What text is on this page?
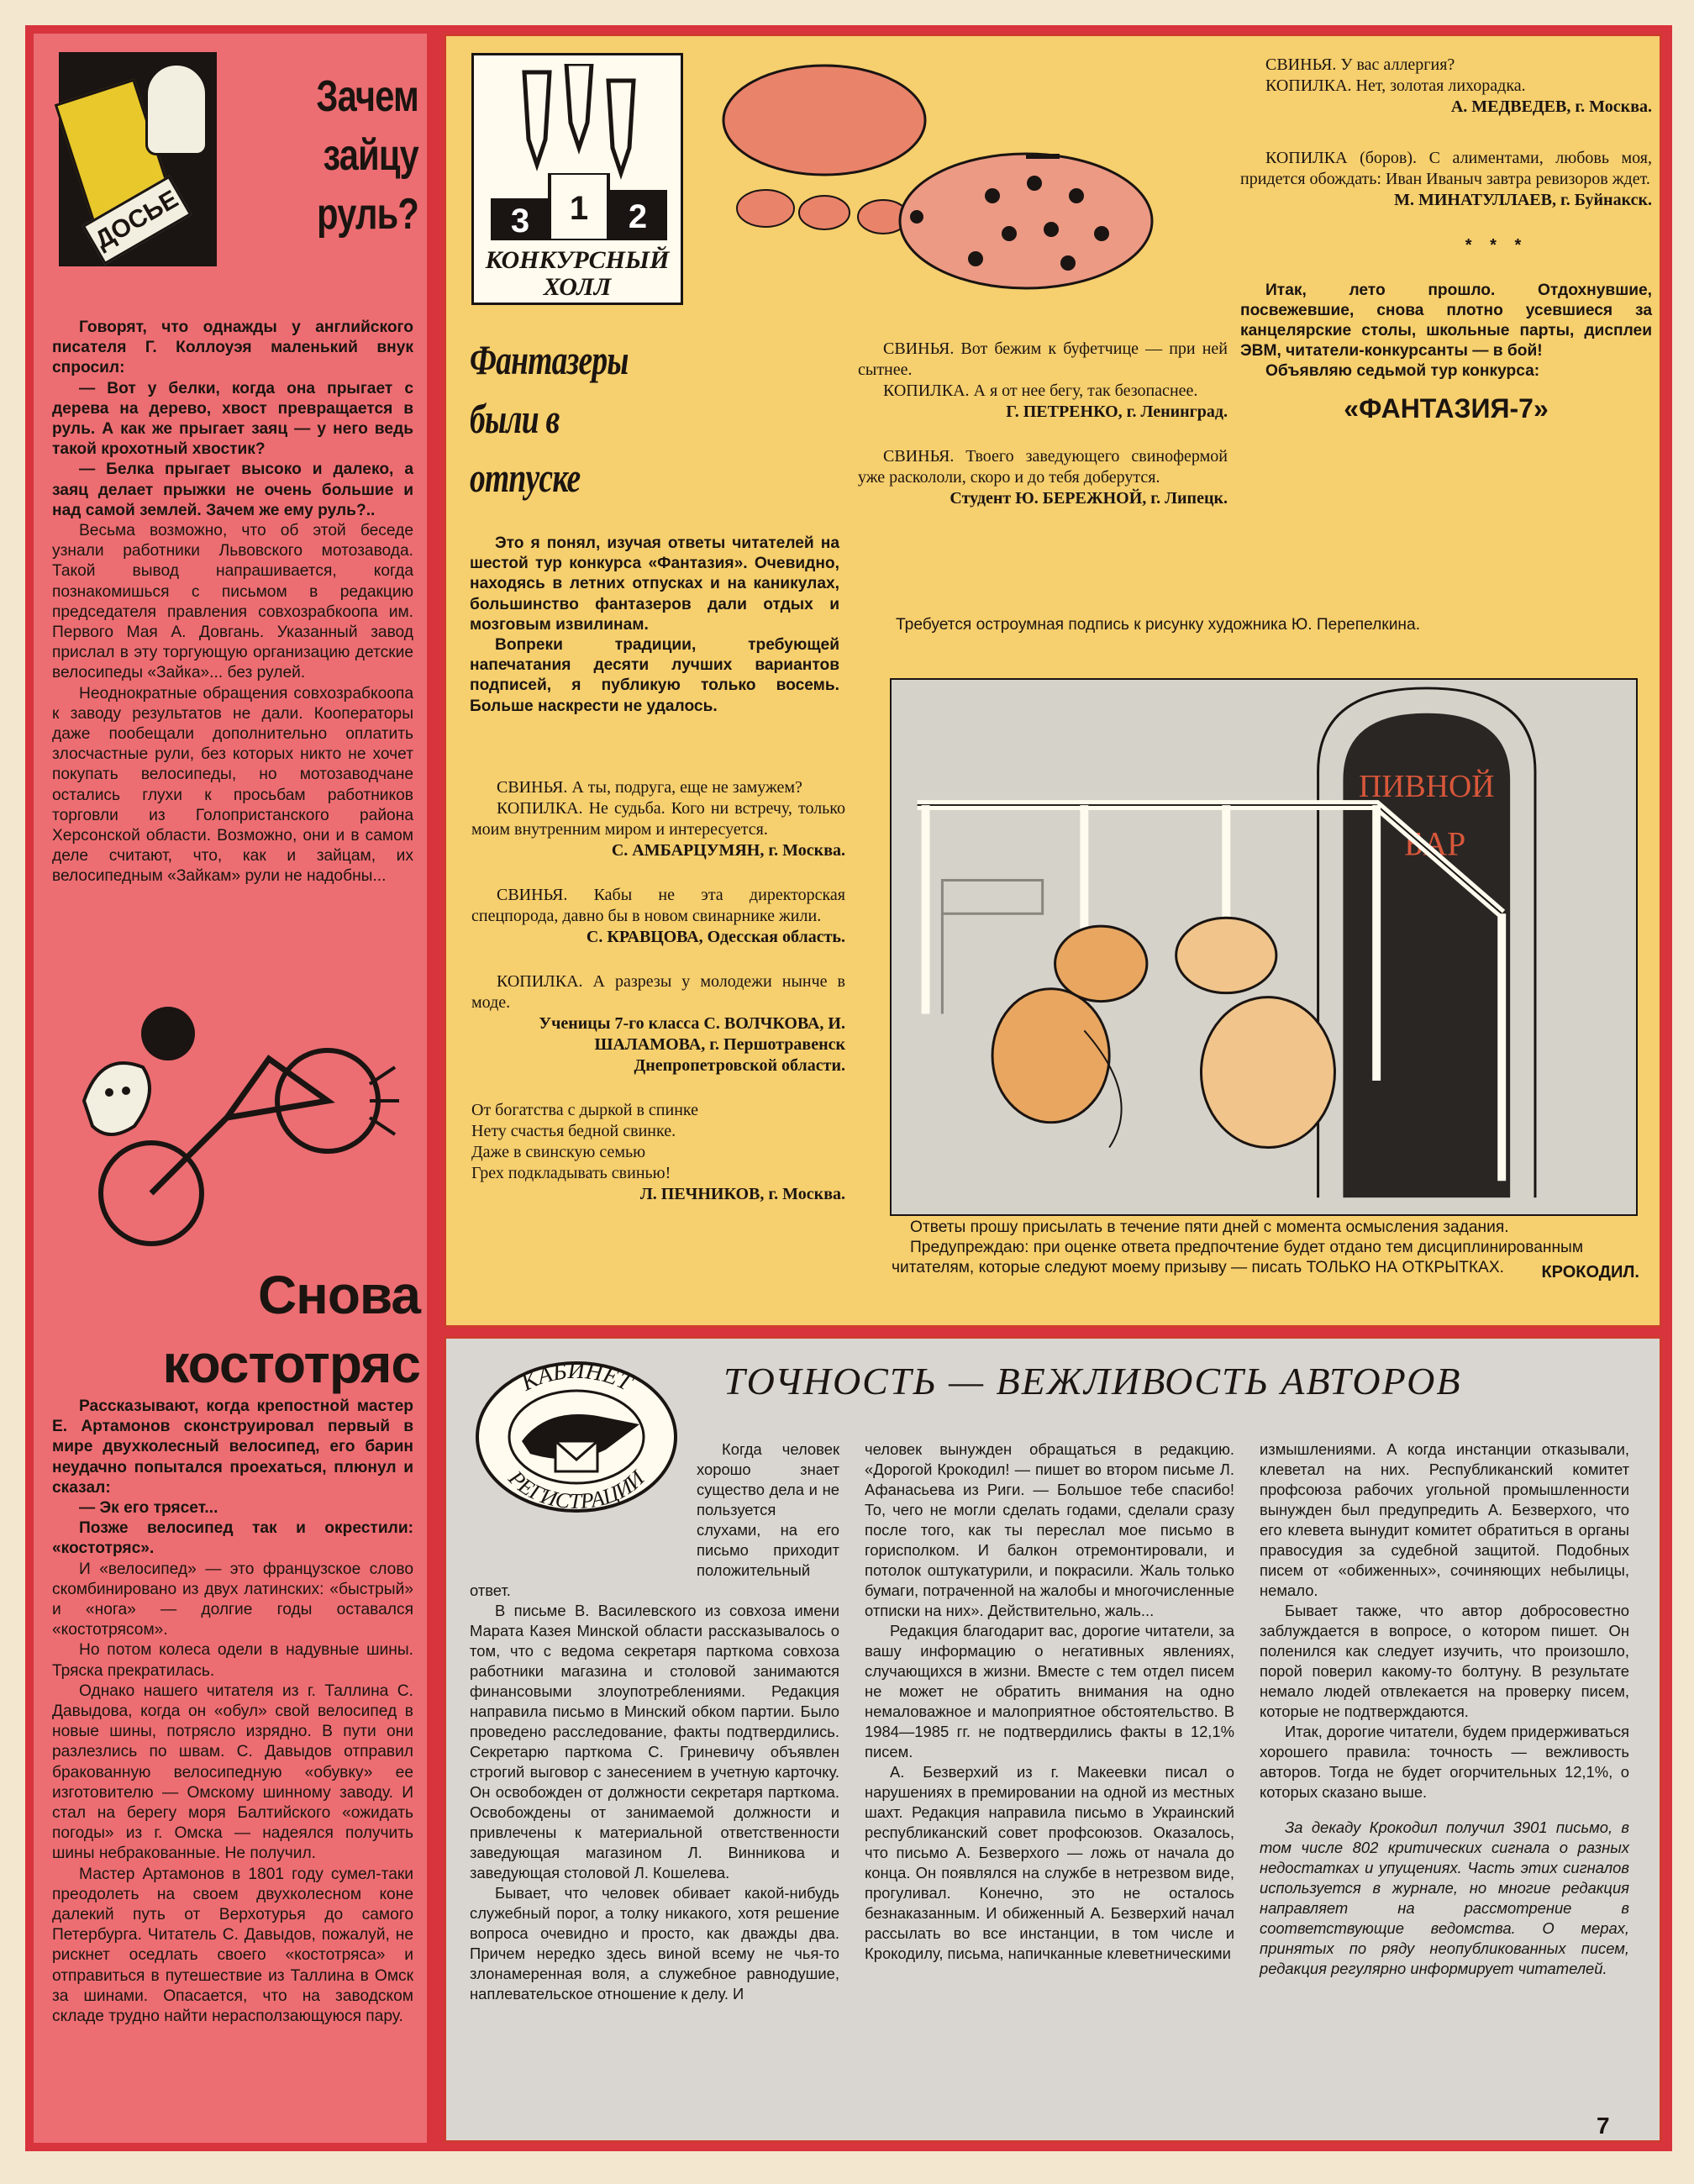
ДОСЬЕ
Зачем зайцу руль?

Говорят, что однажды у английского писателя Г. Коллоуэя маленький внук спросил:

— Вот у белки, когда она прыгает с дерева на дерево, хвост превращается в руль. А как же прыгает заяц — у него ведь такой крохотный хвостик?

— Белка прыгает высоко и далеко, а заяц делает прыжки не очень большие и над самой землей. Зачем же ему руль?..

Весьма возможно, что об этой беседе узнали работники Львовского мотозавода. Такой вывод напрашивается, когда познакомишься с письмом в редакцию председателя правления совхозрабкоопа им. Первого Мая А. Довгань. Указанный завод прислал в эту торгующую организацию детские велосипеды «Зайка»... без рулей.

Неоднократные обращения совхозрабкоопа к заводу результатов не дали. Кооператоры даже пообещали дополнительно оплатить злосчастные рули, без которых никто не хочет покупать велосипеды, но мотозаводчане остались глухи к просьбам работников торговли из Голопристанского района Херсонской области. Возможно, они и в самом деле считают, что, как и зайцам, их велосипедным «Зайкам» рули не надобны...

Снова
костотряс

Рассказывают, когда крепостной мастер Е. Артамонов сконструировал первый в мире двухколесный велосипед, его барин неудачно попытался проехаться, плюнул и сказал:

— Эк его трясет...

Позже велосипед так и окрестили: «костотряс».

И «велосипед» — это французское слово скомбинировано из двух латинских: «быстрый» и «нога» — долгие годы оставался «костотрясом».

Но потом колеса одели в надувные шины. Тряска прекратилась.

Однако нашего читателя из г. Таллина С. Давыдова, когда он «обул» свой велосипед в новые шины, потрясло изрядно. В пути они разлезлись по швам. С. Давыдов отправил бракованную велосипедную «обувку» ее изготовителю — Омскому шинному заводу. И стал на берегу моря Балтийского «ожидать погоды» из г. Омска — надеялся получить шины небракованные. Не получил.

Мастер Артамонов в 1801 году сумел-таки преодолеть на своем двухколесном коне далекий путь от Верхотурья до самого Петербурга. Читатель С. Давыдов, пожалуй, не рискнет оседлать своего «костотряса» и отправиться в путешествие из Таллина в Омск за шинами. Опасается, что на заводском складе трудно найти нерасползающуюся пару.

3 1 2
КОНКУРСНЫЙ
ХОЛЛ
Фантазеры были в отпуске

Это я понял, изучая ответы читателей на шестой тур конкурса «Фантазия». Очевидно, находясь в летних отпусках и на каникулах, большинство фантазеров дали отдых и мозговым извилинам.

Вопреки традиции, требующей напечатания десяти лучших вариантов подписей, я публикую только восемь. Больше наскрести не удалось.

СВИНЬЯ. А ты, подруга, еще не замужем?

КОПИЛКА. Не судьба. Кого ни встречу, только моим внутренним миром и интересуется.

С. АМБАРЦУМЯН, г. Москва.

СВИНЬЯ. Кабы не эта директорская спецпорода, давно бы в новом свинарнике жили.

С. КРАВЦОВА, Одесская область.

КОПИЛКА. А разрезы у молодежи нынче в моде.

Ученицы 7-го класса С. ВОЛЧКОВА, И. ШАЛАМОВА, г. Першотравенск Днепропетровской области.
От богатства с дыркой в спинке
Нету счастья бедной свинке.
Даже в свинскую семью
Грех подкладывать свинью!
Л. ПЕЧНИКОВ, г. Москва.

СВИНЬЯ. Вот бежим к буфетчице — при ней сытнее.

КОПИЛКА. А я от нее бегу, так безопаснее.

Г. ПЕТРЕНКО, г. Ленинград.

СВИНЬЯ. Твоего заведующего свинофермой уже раскололи, скоро и до тебя доберутся.

Студент Ю. БЕРЕЖНОЙ, г. Липецк.

СВИНЬЯ. У вас аллергия?

КОПИЛКА. Нет, золотая лихорадка.

А. МЕДВЕДЕВ, г. Москва.

КОПИЛКА (боров). С алиментами, любовь моя, придется обождать: Иван Иваныч завтра ревизоров ждет.

М. МИНАТУЛЛАЕВ, г. Буйнакск.
* * *

Итак, лето прошло. Отдохнувшие, посвежевшие, снова плотно усевшиеся за канцелярские столы, школьные парты, дисплеи ЭВМ, читатели-конкурсанты — в бой!

Объявляю седьмой тур конкурса:

«ФАНТАЗИЯ-7»
Требуется остроумная подпись к рисунку художника Ю. Перепелкина.
ПИВНОЙ
БАР

Ответы прошу присылать в течение пяти дней с момента осмысления задания.

Предупреждаю: при оценке ответа предпочтение будет отдано тем дисциплинированным читателям, которые следуют моему призыву — писать ТОЛЬКО НА ОТКРЫТКАХ.	КРОКОДИЛ.
КАБИНЕТ
РЕГИСТРАЦИИ
ТОЧНОСТЬ — ВЕЖЛИВОСТЬ АВТОРОВ

Когда человек хорошо знает существо дела и не пользуется слухами, на его письмо приходит положительный ответ.

В письме В. Василевского из совхоза имени Марата Казея Минской области рассказывалось о том, что с ведома секретаря парткома совхоза работники магазина и столовой занимаются финансовыми злоупотреблениями. Редакция направила письмо в Минский обком партии. Было проведено расследование, факты подтвердились. Секретарю парткома С. Гриневичу объявлен строгий выговор с занесением в учетную карточку. Он освобожден от должности секретаря парткома. Освобождены от занимаемой должности и привлечены к материальной ответственности заведующая магазином Л. Винникова и заведующая столовой Л. Кошелева.

Бывает, что человек обивает какой-нибудь служебный порог, а толку никакого, хотя решение вопроса очевидно и просто, как дважды два. Причем нередко здесь виной всему не чья-то злонамеренная воля, а служебное равнодушие, наплевательское отношение к делу. И

человек вынужден обращаться в редакцию. «Дорогой Крокодил! — пишет во втором письме Л. Афанасьева из Риги. — Большое тебе спасибо! То, чего не могли сделать годами, сделали сразу после того, как ты переслал мое письмо в горисполком. И балкон отремонтировали, и потолок оштукатурили, и покрасили. Жаль только бумаги, потраченной на жалобы и многочисленные отписки на них». Действительно, жаль...

Редакция благодарит вас, дорогие читатели, за вашу информацию о негативных явлениях, случающихся в жизни. Вместе с тем отдел писем не может не обратить внимания на одно немаловажное и малоприятное обстоятельство. В 1984—1985 гг. не подтвердились факты в 12,1% писем.

А. Безверхий из г. Макеевки писал о нарушениях в премировании на одной из местных шахт. Редакция направила письмо в Украинский республиканский совет профсоюзов. Оказалось, что письмо А. Безверхого — ложь от начала до конца. Он появлялся на службе в нетрезвом виде, прогуливал. Конечно, это не осталось безнаказанным. И обиженный А. Безверхий начал рассылать во все инстанции, в том числе и Крокодилу, письма, напичканные клеветническими

измышлениями. А когда инстанции отказывали, клеветал на них. Республиканский комитет профсоюза рабочих угольной промышленности вынужден был предупредить А. Безверхого, что его клевета вынудит комитет обратиться в органы правосудия за судебной защитой. Подобных писем от «обиженных», сочиняющих небылицы, немало.

Бывает также, что автор добросовестно заблуждается в вопросе, о котором пишет. Он поленился как следует изучить, что произошло, порой поверил какому-то болтуну. В результате немало людей отвлекается на проверку писем, которые не подтверждаются.

Итак, дорогие читатели, будем придерживаться хорошего правила: точность — вежливость авторов. Тогда не будет огорчительных 12,1%, о которых сказано выше.

За декаду Крокодил получил 3901 письмо, в том числе 802 критических сигнала о разных недостатках и упущениях. Часть этих сигналов используется в журнале, но многие редакция направляет на рассмотрение в соответствующие ведомства. О мерах, принятых по ряду неопубликованных писем, редакция регулярно информирует читателей.

7
